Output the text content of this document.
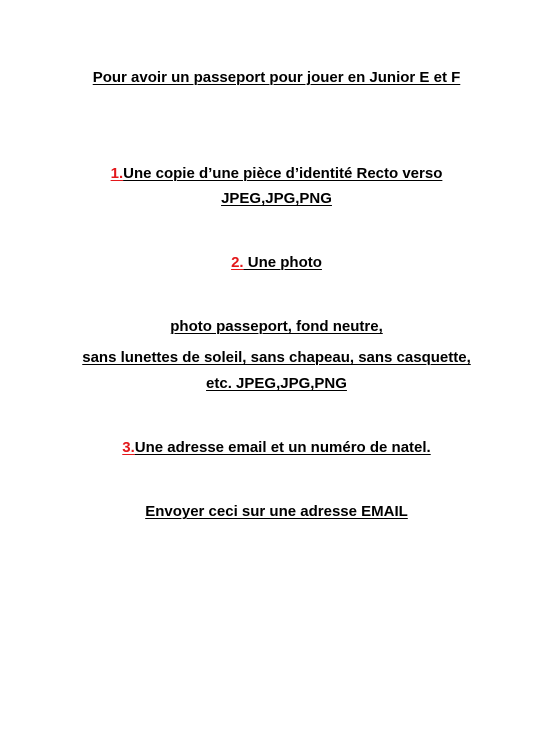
Pour avoir un passeport pour jouer en Junior E et F
1.Une copie d’une pièce d’identité Recto verso
JPEG,JPG,PNG
2. Une photo
photo passeport, fond neutre,
sans lunettes de soleil, sans chapeau, sans casquette,
etc. JPEG,JPG,PNG
3.Une adresse email et un numéro de natel.
Envoyer ceci sur une adresse EMAIL
